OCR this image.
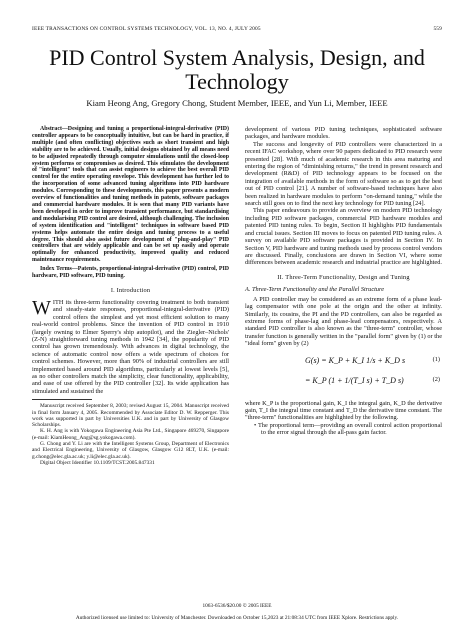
IEEE TRANSACTIONS ON CONTROL SYSTEMS TECHNOLOGY, VOL. 13, NO. 4, JULY 2005	559
PID Control System Analysis, Design, and Technology
Kiam Heong Ang, Gregory Chong, Student Member, IEEE, and Yun Li, Member, IEEE

Abstract—Designing and tuning a proportional-integral-derivative (PID) controller appears to be conceptually intuitive, but can be hard in practice, if multiple (and often conflicting) objectives such as short transient and high stability are to be achieved. Usually, initial designs obtained by all means need to be adjusted repeatedly through computer simulations until the closed-loop system performs or compromises as desired. This stimulates the development of "intelligent" tools that can assist engineers to achieve the best overall PID control for the entire operating envelope. This development has further led to the incorporation of some advanced tuning algorithms into PID hardware modules. Corresponding to these developments, this paper presents a modern overview of functionalities and tuning methods in patents, software packages and commercial hardware modules. It is seen that many PID variants have been developed in order to improve transient performance, but standardising and modularising PID control are desired, although challenging. The inclusion of system identification and "intelligent" techniques in software based PID systems helps automate the entire design and tuning process to a useful degree. This should also assist future development of "plug-and-play" PID controllers that are widely applicable and can be set up easily and operate optimally for enhanced productivity, improved quality and reduced maintenance requirements.

Index Terms—Patents, proportional-integral-derivative (PID) control, PID hardware, PID software, PID tuning.

I. Introduction

WITH its three-term functionality covering treatment to both transient and steady-state responses, proportional-integral-derivative (PID) control offers the simplest and yet most efficient solution to many real-world control problems. Since the invention of PID control in 1910 (largely owning to Elmer Sperry's ship autopilot), and the Ziegler–Nichols' (Z-N) straightforward tuning methods in 1942 [34], the popularity of PID control has grown tremendously. With advances in digital technology, the science of automatic control now offers a wide spectrum of choices for control schemes. However, more than 90% of industrial controllers are still implemented based around PID algorithms, particularly at lowest levels [5], as no other controllers match the simplicity, clear functionality, applicability, and ease of use offered by the PID controller [32]. Its wide application has stimulated and sustained the

Manuscript received September 8, 2003; revised August 15, 2004. Manuscript received in final form January 4, 2005. Recommended by Associate Editor D. W. Repperger. This work was supported in part by Universities U.K. and in part by University of Glasgow Scholarships.

K. H. Ang is with Yokogawa Engineering Asia Pte Ltd., Singapore 469270, Singapore (e-mail: KiamHeong_Ang@sg.yokogawa.com).

G. Chong and Y. Li are with the Intelligent Systems Group, Department of Electronics and Electrical Engineering, University of Glasgow, Glasgow G12 8LT, U.K. (e-mail: g.chong@elec.gla.ac.uk; y.li@elec.gla.ac.uk).

Digital Object Identifier 10.1109/TCST.2005.847331

development of various PID tuning techniques, sophisticated software packages, and hardware modules.

The success and longevity of PID controllers were characterized in a recent IFAC workshop, where over 90 papers dedicated to PID research were presented [28]. With much of academic research in this area maturing and entering the region of "diminishing returns," the trend in present research and development (R&D) of PID technology appears to be focused on the integration of available methods in the form of software so as to get the best out of PID control [21]. A number of software-based techniques have also been realized in hardware modules to perform "on-demand tuning," while the search still goes on to find the next key technology for PID tuning [24].

This paper endeavours to provide an overview on modern PID technology including PID software packages, commercial PID hardware modules and patented PID tuning rules. To begin, Section II highlights PID fundamentals and crucial issues. Section III moves to focus on patented PID tuning rules. A survey on available PID software packages is provided in Section IV. In Section V, PID hardware and tuning methods used by process control vendors are discussed. Finally, conclusions are drawn in Section VI, where some differences between academic research and industrial practice are highlighted.

II. Three-Term Functionality, Design and Tuning
A. Three-Term Functionality and the Parallel Structure

A PID controller may be considered as an extreme form of a phase lead-lag compensator with one pole at the origin and the other at infinity. Similarly, its cousins, the PI and the PD controllers, can also be regarded as extreme forms of phase-lag and phase-lead compensators, respectively. A standard PID controller is also known as the "three-term" controller, whose transfer function is generally written in the "parallel form" given by (1) or the "ideal form" given by (2)

G(s) = K_P + K_I 1/s + K_D s	(1)
= K_P (1 + 1/(T_I s) + T_D s)	(2)

where K_P is the proportional gain, K_I the integral gain, K_D the derivative gain, T_I the integral time constant and T_D the derivative time constant. The "three-term" functionalities are highlighted by the following.

• The proportional term—providing an overall control action proportional to the error signal through the all-pass gain factor.
1063-6536/$20.00 © 2005 IEEE
Authorized licensed use limited to: University of Manchester. Downloaded on October 15,2023 at 21:08:34 UTC from IEEE Xplore. Restrictions apply.
